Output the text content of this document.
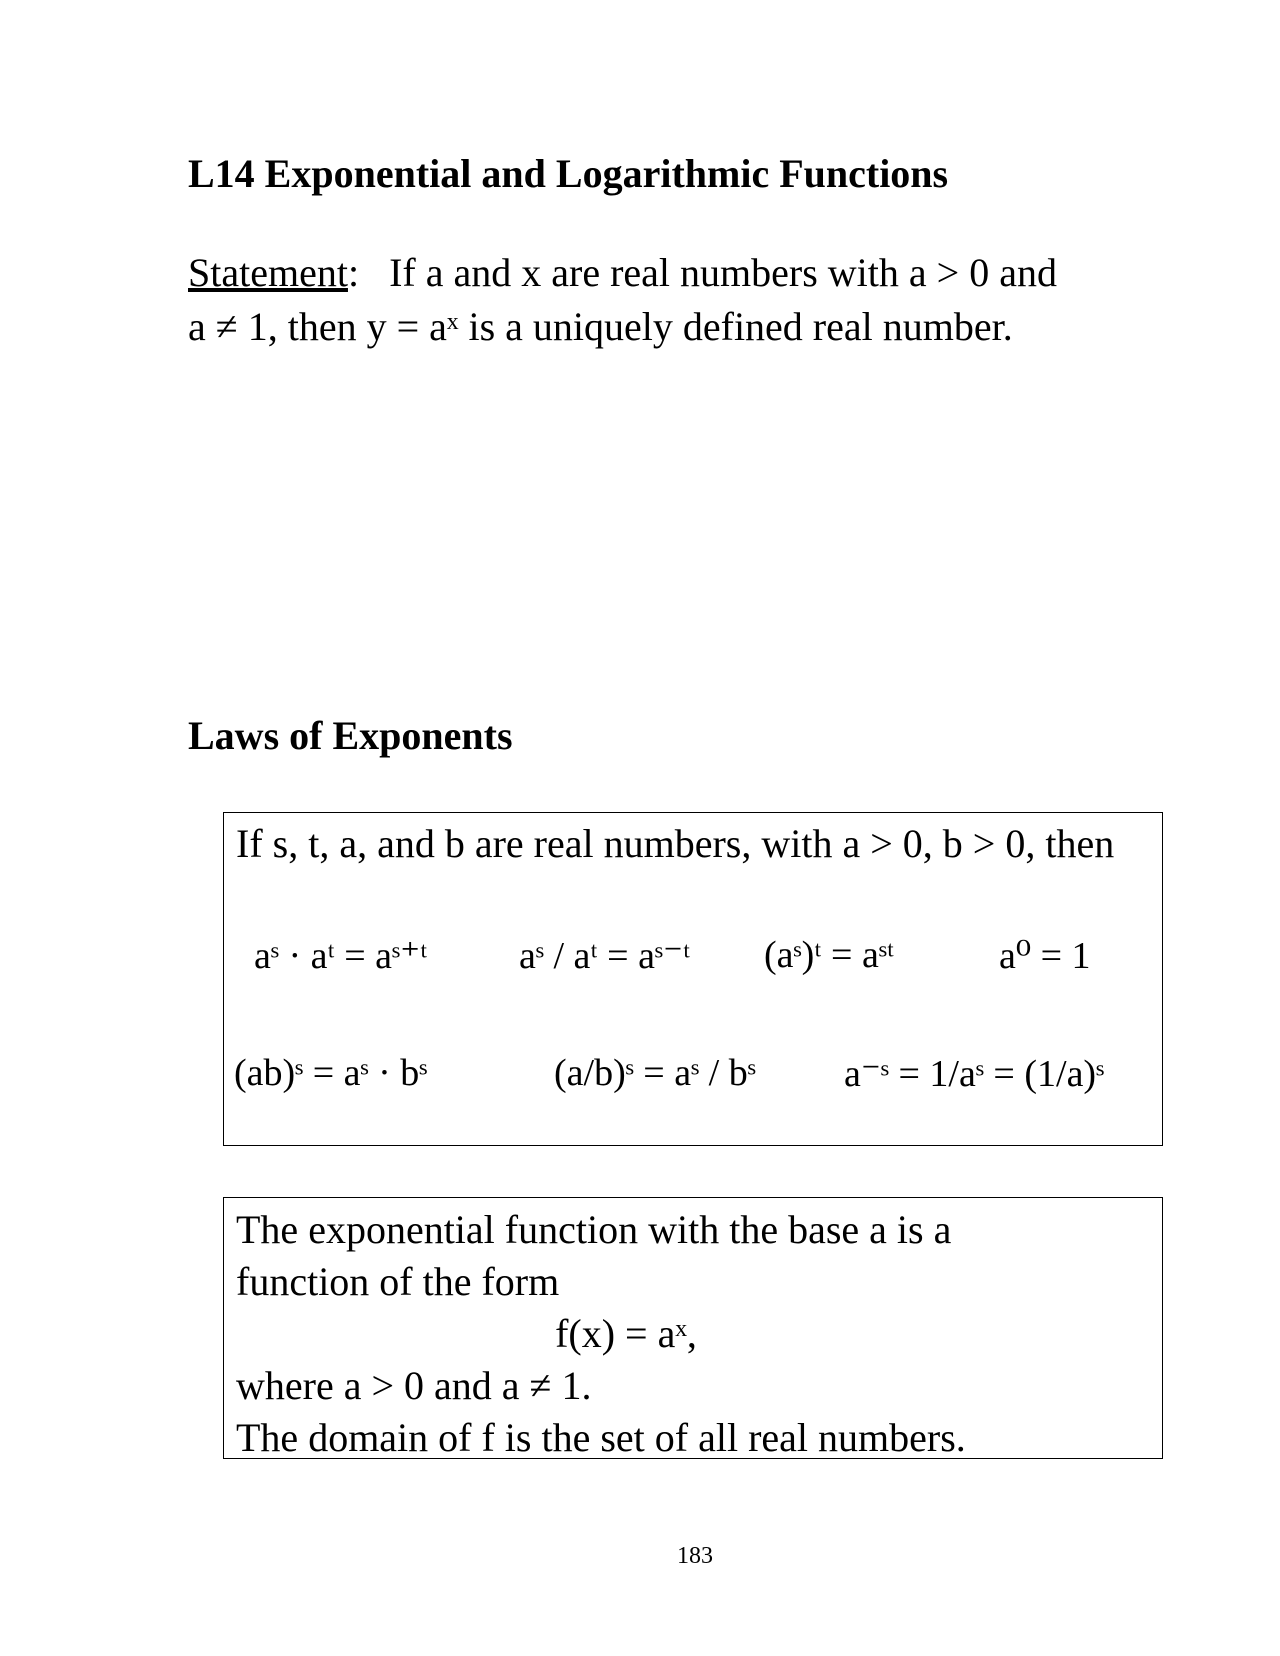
L14 Exponential and Logarithmic Functions
Statement:   If a and x are real numbers with a > 0 and
a ≠ 1, then y = aˣ is a uniquely defined real number.
Laws of Exponents
If s, t, a, and b are real numbers, with a > 0, b > 0, then
aˢ · aᵗ = aˢ⁺ᵗ aˢ / aᵗ = aˢ⁻ᵗ (aˢ)ᵗ = aˢᵗ	a⁰ = 1
(ab)ˢ = aˢ · bˢ	(a/b)ˢ = aˢ / bˢ a⁻ˢ = 1/aˢ = (1/a)ˢ
The exponential function with the base a is a
function of the form
f(x) = aˣ,
where a > 0 and a ≠ 1.
The domain of f is the set of all real numbers.
183
